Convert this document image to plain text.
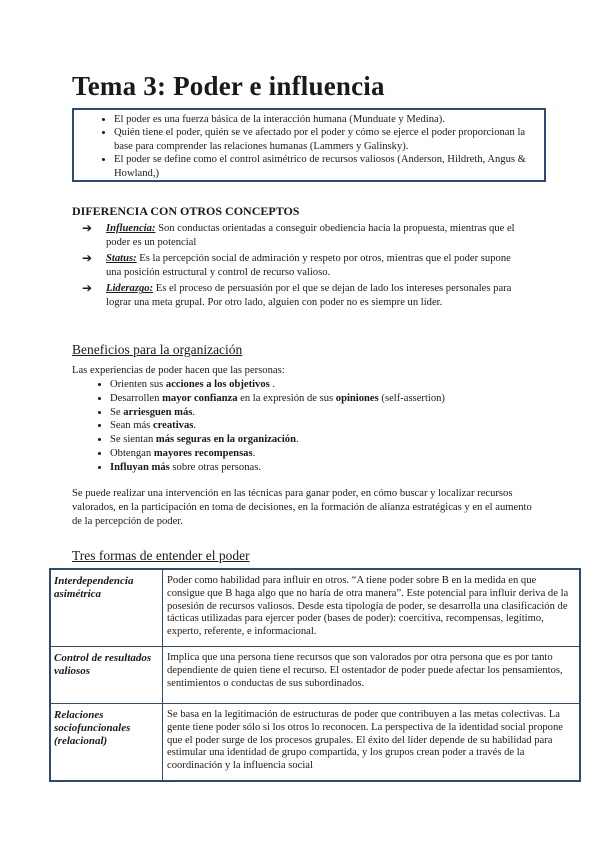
Tema 3: Poder e influencia
• El poder es una fuerza básica de la interacción humana (Munduate y Medina).
• Quién tiene el poder, quién se ve afectado por el poder y cómo se ejerce el poder proporcionan la base para comprender las relaciones humanas (Lammers y Galinsky).
• El poder se define como el control asimétrico de recursos valiosos (Anderson, Hildreth, Angus & Howland,)
DIFERENCIA CON OTROS CONCEPTOS
➔ Influencia: Son conductas orientadas a conseguir obediencia hacia la propuesta, mientras que el poder es un potencial
➔ Status: Es la percepción social de admiración y respeto por otros, mientras que el poder supone una posición estructural y control de recurso valioso.
➔ Liderazgo: Es el proceso de persuasión por el que se dejan de lado los intereses personales para lograr una meta grupal. Por otro lado, alguien con poder no es siempre un líder.
Beneficios para la organización

Las experiencias de poder hacen que las personas:

• Orienten sus acciones a los objetivos .
• Desarrollen mayor confianza en la expresión de sus opiniones (self-assertion)
• Se arriesguen más.
• Sean más creativas.
• Se sientan más seguras en la organización.
• Obtengan mayores recompensas.
• Influyan más sobre otras personas.

Se puede realizar una intervención en las técnicas para ganar poder, en cómo buscar y localizar recursos valorados, en la participación en toma de decisiones, en la formación de alianza estratégicas y en el aumento de la percepción de poder.

Tres formas de entender el poder
Interdependencia asimétrica	Poder como habilidad para influir en otros. “A tiene poder sobre B en la medida en que consigue que B haga algo que no haría de otra manera”. Este potencial para influir deriva de la posesión de recursos valiosos. Desde esta tipología de poder, se desarrolla una clasificación de tácticas utilizadas para ejercer poder (bases de poder): coercitiva, recompensas, legítimo, experto, referente, e informacional.
Control de resultados valiosos	Implica que una persona tiene recursos que son valorados por otra persona que es por tanto dependiente de quien tiene el recurso. El ostentador de poder puede afectar los pensamientos, sentimientos o conductas de sus subordinados.
Relaciones sociofuncionales (relacional)	Se basa en la legitimación de estructuras de poder que contribuyen a las metas colectivas. La gente tiene poder sólo si los otros lo reconocen. La perspectiva de la identidad social propone que el poder surge de los procesos grupales. El éxito del líder depende de su habilidad para estimular una identidad de grupo compartida, y los grupos crean poder a través de la coordinación y la influencia social
